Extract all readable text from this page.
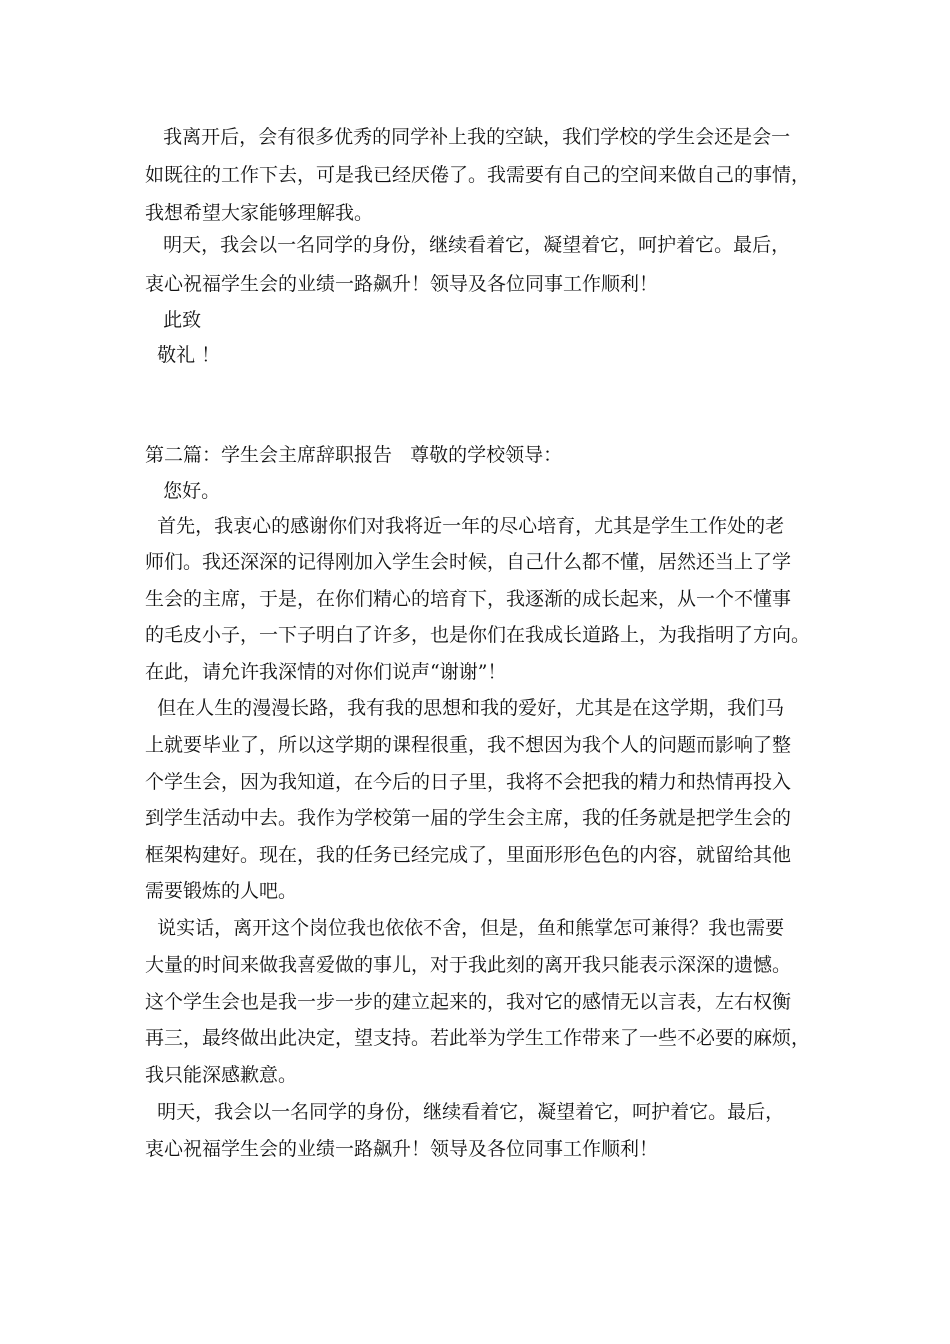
我离开后，会有很多优秀的同学补上我的空缺，我们学校的学生会还是会一
如既往的工作下去，可是我已经厌倦了。我需要有自己的空间来做自己的事情，
我想希望大家能够理解我。
明天，我会以一名同学的身份，继续看着它，凝望着它，呵护着它。最后，
衷心祝福学生会的业绩一路飙升！领导及各位同事工作顺利！
此致
敬礼 ！
第二篇：学生会主席辞职报告   尊敬的学校领导：
您好。
首先，我衷心的感谢你们对我将近一年的尽心培育，尤其是学生工作处的老
师们。我还深深的记得刚加入学生会时候，自己什么都不懂，居然还当上了学
生会的主席，于是，在你们精心的培育下，我逐渐的成长起来，从一个不懂事
的毛皮小子，一下子明白了许多，也是你们在我成长道路上，为我指明了方向。
在此，请允许我深情的对你们说声“谢谢”！
但在人生的漫漫长路，我有我的思想和我的爱好，尤其是在这学期，我们马
上就要毕业了，所以这学期的课程很重，我不想因为我个人的问题而影响了整
个学生会，因为我知道，在今后的日子里，我将不会把我的精力和热情再投入
到学生活动中去。我作为学校第一届的学生会主席，我的任务就是把学生会的
框架构建好。现在，我的任务已经完成了，里面形形色色的内容，就留给其他
需要锻炼的人吧。
说实话，离开这个岗位我也依依不舍，但是，鱼和熊掌怎可兼得？我也需要
大量的时间来做我喜爱做的事儿，对于我此刻的离开我只能表示深深的遗憾。
这个学生会也是我一步一步的建立起来的，我对它的感情无以言表，左右权衡
再三，最终做出此决定，望支持。若此举为学生工作带来了一些不必要的麻烦，
我只能深感歉意。
明天，我会以一名同学的身份，继续看着它，凝望着它，呵护着它。最后，
衷心祝福学生会的业绩一路飙升！领导及各位同事工作顺利！
